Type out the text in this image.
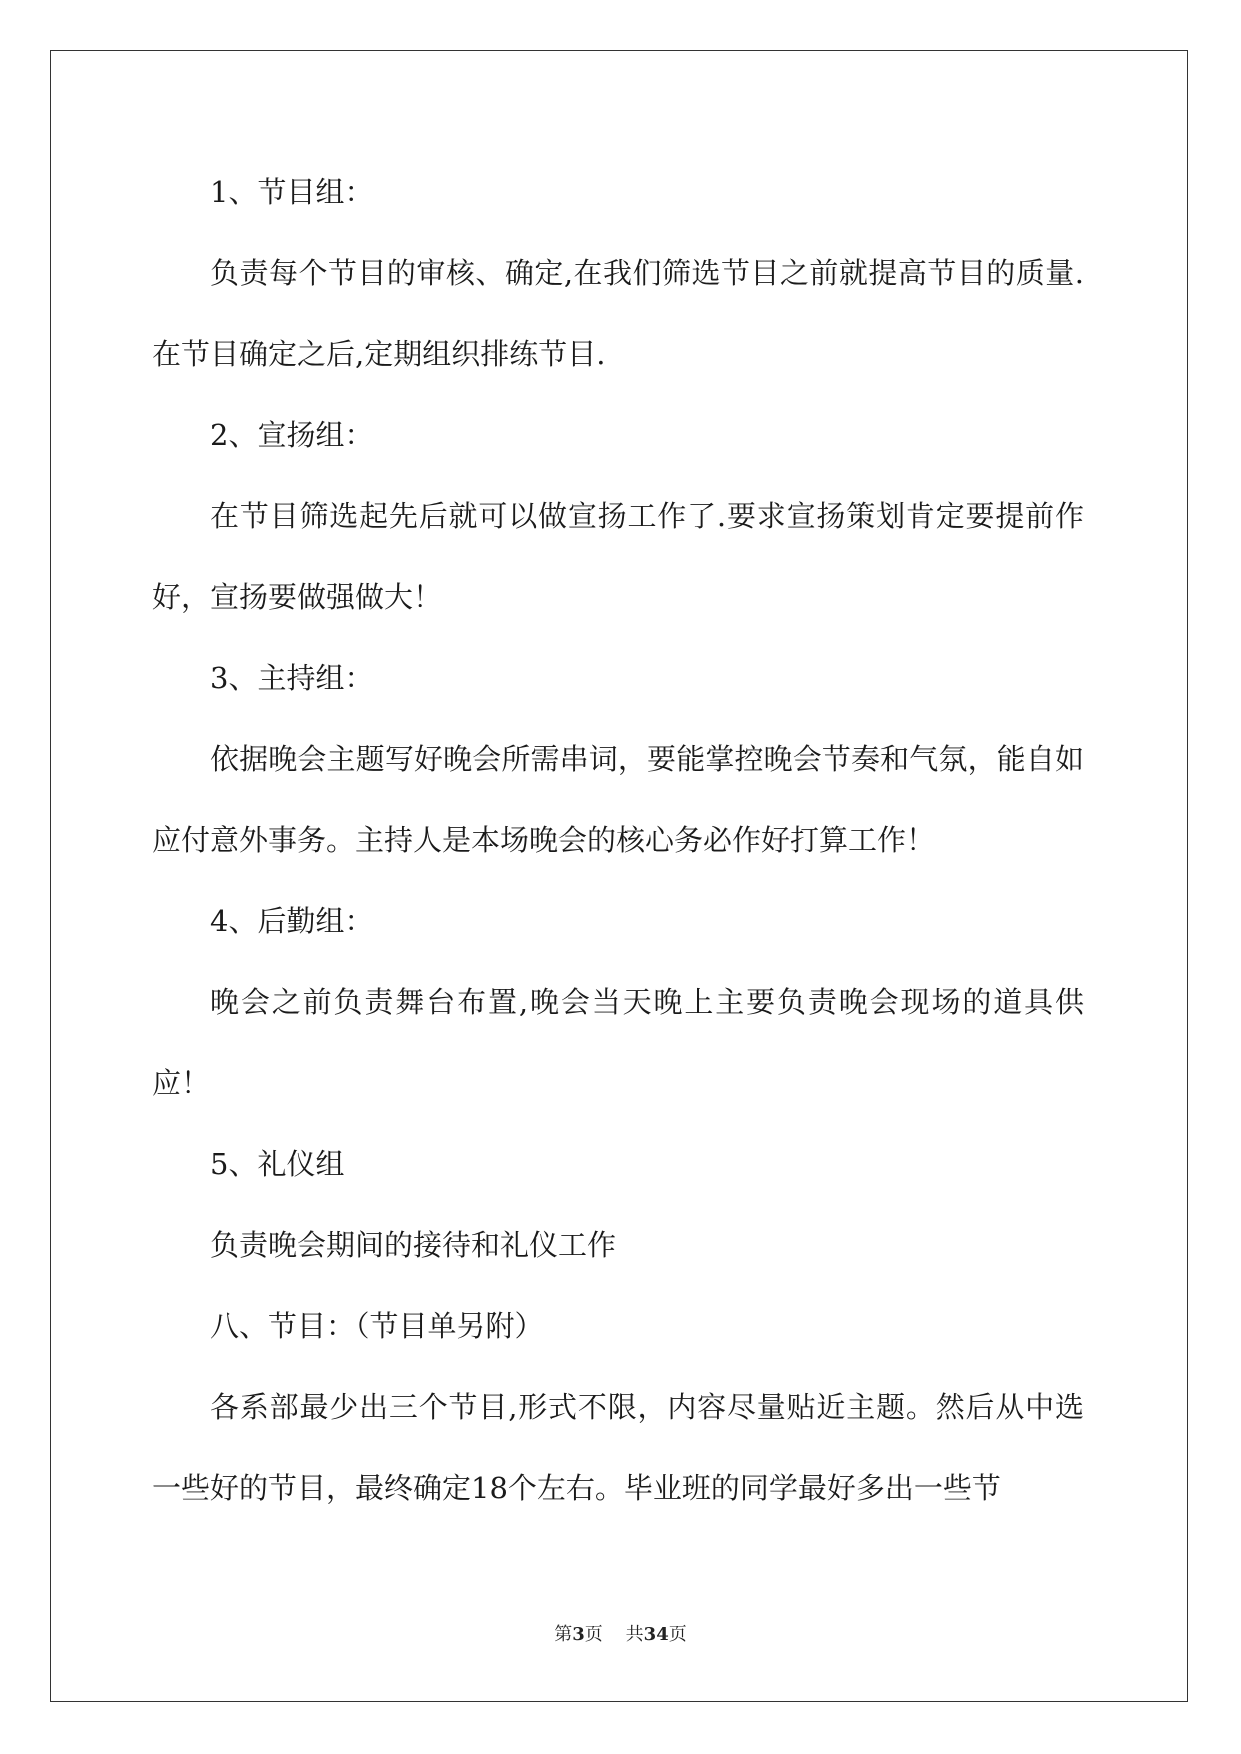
1、节目组：

负责每个节目的审核、确定,在我们筛选节目之前就提高节目的质量.在节目确定之后,定期组织排练节目.

2、宣扬组：

在节目筛选起先后就可以做宣扬工作了.要求宣扬策划肯定要提前作好，宣扬要做强做大！

3、主持组：

依据晚会主题写好晚会所需串词，要能掌控晚会节奏和气氛，能自如应付意外事务。主持人是本场晚会的核心务必作好打算工作！

4、后勤组：

晚会之前负责舞台布置,晚会当天晚上主要负责晚会现场的道具供应！

5、礼仪组

负责晚会期间的接待和礼仪工作

八、节目：（节目单另附）

各系部最少出三个节目,形式不限，内容尽量贴近主题。然后从中选一些好的节目，最终确定18个左右。毕业班的同学最好多出一些节

第3页    共34页
